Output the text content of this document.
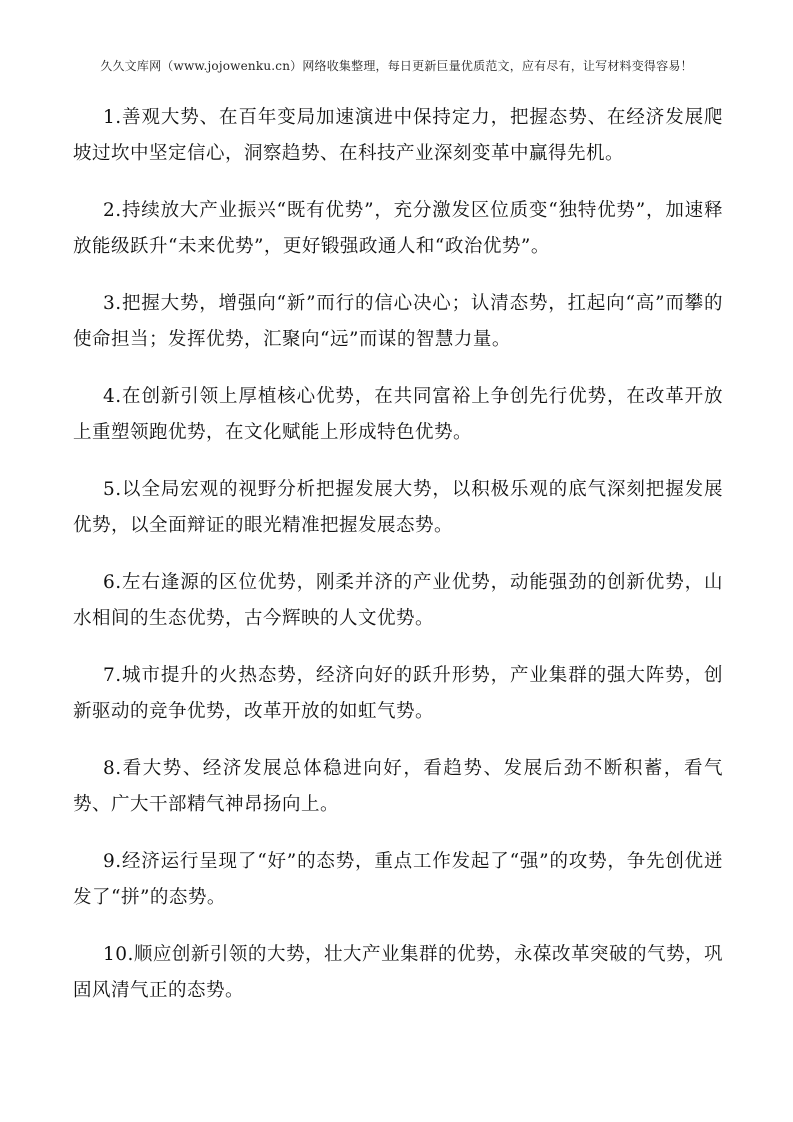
久久文库网（www.jojowenku.cn）网络收集整理，每日更新巨量优质范文，应有尽有，让写材料变得容易！

1.善观大势、在百年变局加速演进中保持定力，把握态势、在经济发展爬坡过坎中坚定信心，洞察趋势、在科技产业深刻变革中赢得先机。

2.持续放大产业振兴“既有优势”，充分激发区位质变“独特优势”，加速释放能级跃升“未来优势”，更好锻强政通人和“政治优势”。

3.把握大势，增强向“新”而行的信心决心；认清态势，扛起向“高”而攀的使命担当；发挥优势，汇聚向“远”而谋的智慧力量。

4.在创新引领上厚植核心优势，在共同富裕上争创先行优势，在改革开放上重塑领跑优势，在文化赋能上形成特色优势。

5.以全局宏观的视野分析把握发展大势，以积极乐观的底气深刻把握发展优势，以全面辩证的眼光精准把握发展态势。

6.左右逢源的区位优势，刚柔并济的产业优势，动能强劲的创新优势，山水相间的生态优势，古今辉映的人文优势。

7.城市提升的火热态势，经济向好的跃升形势，产业集群的强大阵势，创新驱动的竞争优势，改革开放的如虹气势。

8.看大势、经济发展总体稳进向好，看趋势、发展后劲不断积蓄，看气势、广大干部精气神昂扬向上。

9.经济运行呈现了“好”的态势，重点工作发起了“强”的攻势，争先创优迸发了“拼”的态势。

10.顺应创新引领的大势，壮大产业集群的优势，永葆改革突破的气势，巩固风清气正的态势。
